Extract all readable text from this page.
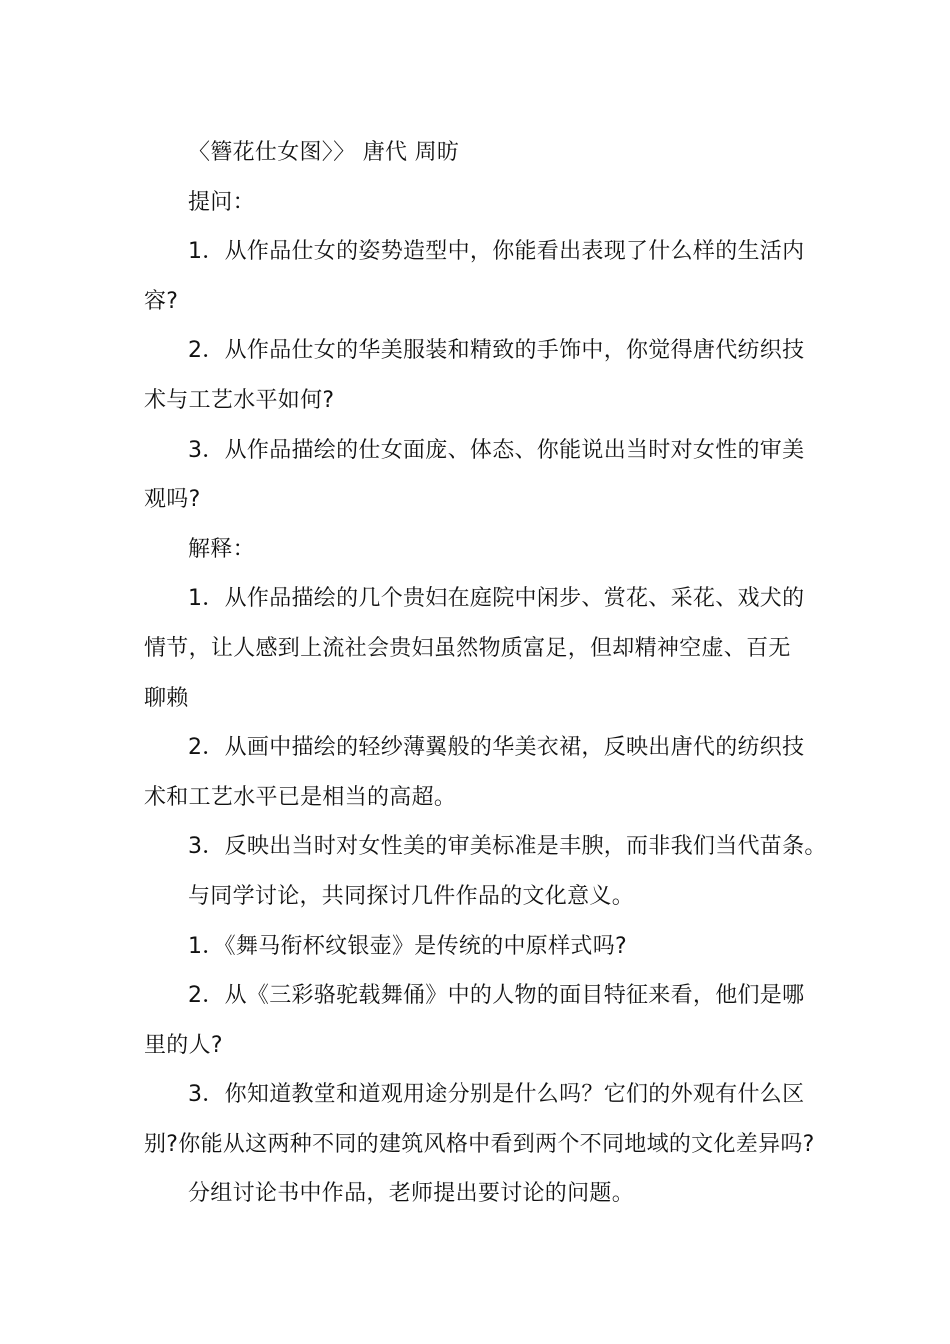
〈簪花仕女图〉〉 唐代 周昉
提问：
1．从作品仕女的姿势造型中，你能看出表现了什么样的生活内
容?
2．从作品仕女的华美服装和精致的手饰中，你觉得唐代纺织技
术与工艺水平如何?
3．从作品描绘的仕女面庞、体态、你能说出当时对女性的审美
观吗?
解释：
1．从作品描绘的几个贵妇在庭院中闲步、赏花、采花、戏犬的
情节，让人感到上流社会贵妇虽然物质富足，但却精神空虚、百无
聊赖
2．从画中描绘的轻纱薄翼般的华美衣裙，反映出唐代的纺织技
术和工艺水平已是相当的高超。
3．反映出当时对女性美的审美标准是丰腴，而非我们当代苗条。
与同学讨论，共同探讨几件作品的文化意义。
1．《舞马衔杯纹银壶》是传统的中原样式吗?
2．从《三彩骆驼载舞俑》中的人物的面目特征来看，他们是哪
里的人?
3．你知道教堂和道观用途分别是什么吗？它们的外观有什么区
别?你能从这两种不同的建筑风格中看到两个不同地域的文化差异吗?
分组讨论书中作品，老师提出要讨论的问题。
